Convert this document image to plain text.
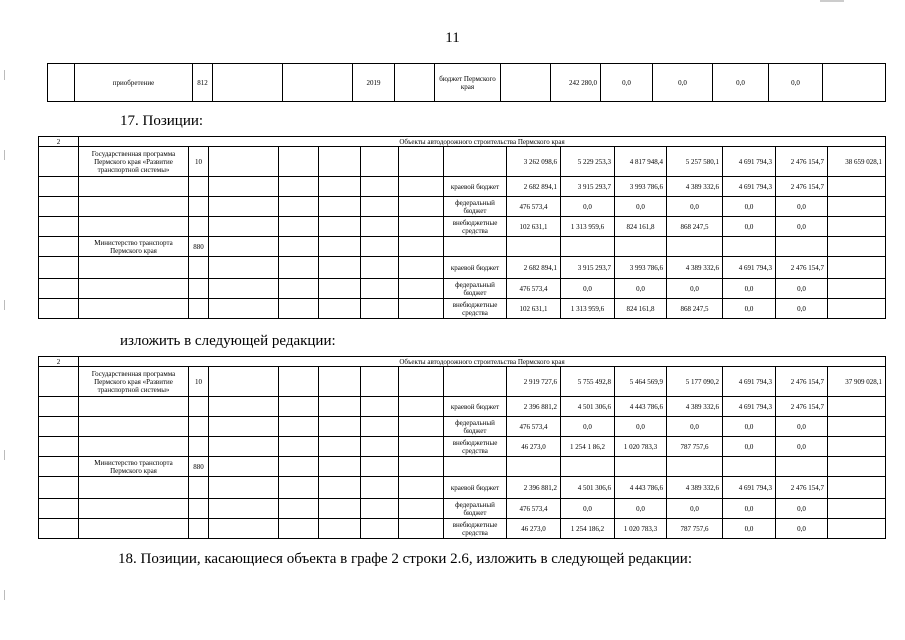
11
	приобретение	812			2019		бюджет Пермского края		242 280,0	0,0	0,0	0,0	0,0	
17. Позиции:
2	Объекты автодорожного строительства Пермского края														
	Государственная программа Пермского края «Развитие транспортной системы»	10							3 262 098,6	5 229 253,3	4 817 948,4	5 257 580,1	4 691 794,3	2 476 154,7	38 659 028,1
								краевой бюджет	2 682 894,1	3 915 293,7	3 993 786,6	4 389 332,6	4 691 794,3	2 476 154,7	
								федеральный бюджет	476 573,4	0,0	0,0	0,0	0,0	0,0	
								внебюджетные средства	102 631,1	1 313 959,6	824 161,8	868 247,5	0,0	0,0	
	Министерство транспорта Пермского края	880													
								краевой бюджет	2 682 894,1	3 915 293,7	3 993 786,6	4 389 332,6	4 691 794,3	2 476 154,7	
								федеральный бюджет	476 573,4	0,0	0,0	0,0	0,0	0,0	
								внебюджетные средства	102 631,1	1 313 959,6	824 161,8	868 247,5	0,0	0,0	
изложить в следующей редакции:
2	Объекты автодорожного строительства Пермского края														
	Государственная программа Пермского края «Развитие транспортной системы»	10							2 919 727,6	5 755 492,8	5 464 569,9	5 177 090,2	4 691 794,3	2 476 154,7	37 909 028,1
								краевой бюджет	2 396 881,2	4 501 306,6	4 443 786,6	4 389 332,6	4 691 794,3	2 476 154,7	
								федеральный бюджет	476 573,4	0,0	0,0	0,0	0,0	0,0	
								внебюджетные средства	46 273,0	1 254 1 86,2	1 020 783,3	787 757,6	0,0	0,0	
	Министерство транспорта Пермского края	880													
								краевой бюджет	2 396 881,2	4 501 306,6	4 443 786,6	4 389 332,6	4 691 794,3	2 476 154,7	
								федеральный бюджет	476 573,4	0,0	0,0	0,0	0,0	0,0	
								внебюджетные средства	46 273,0	1 254 186,2	1 020 783,3	787 757,6	0,0	0,0	
18. Позиции, касающиеся объекта в графе 2 строки 2.6, изложить в следующей редакции:
